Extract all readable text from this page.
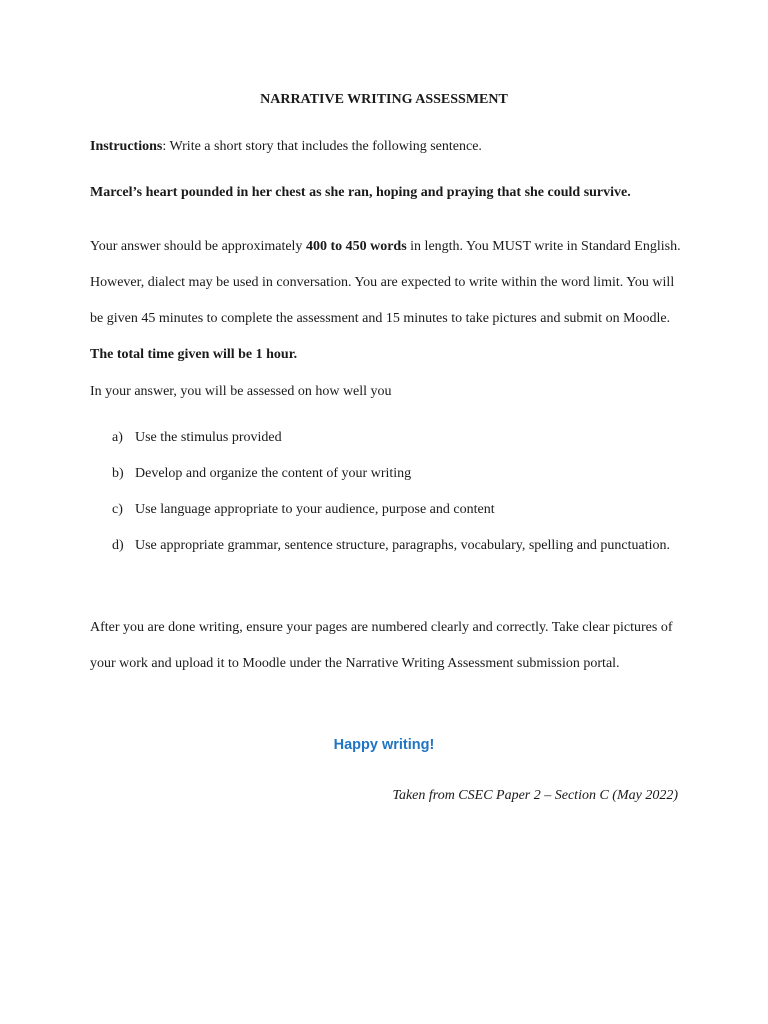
NARRATIVE WRITING ASSESSMENT

Instructions: Write a short story that includes the following sentence.

Marcel’s heart pounded in her chest as she ran, hoping and praying that she could survive.

Your answer should be approximately 400 to 450 words in length. You MUST write in Standard English. However, dialect may be used in conversation. You are expected to write within the word limit. You will be given 45 minutes to complete the assessment and 15 minutes to take pictures and submit on Moodle. The total time given will be 1 hour.

In your answer, you will be assessed on how well you

a) Use the stimulus provided
b) Develop and organize the content of your writing
c) Use language appropriate to your audience, purpose and content
d) Use appropriate grammar, sentence structure, paragraphs, vocabulary, spelling and punctuation.

After you are done writing, ensure your pages are numbered clearly and correctly. Take clear pictures of your work and upload it to Moodle under the Narrative Writing Assessment submission portal.

Happy writing!
Taken from CSEC Paper 2 – Section C (May 2022)
